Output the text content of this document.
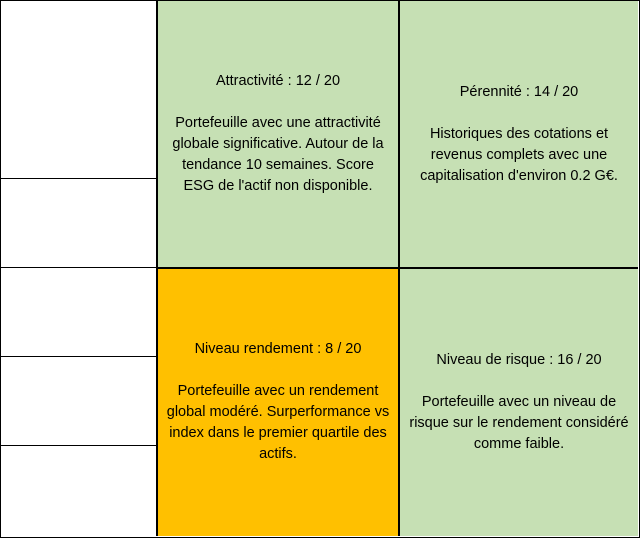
Attractivité : 12 / 20
Portefeuille avec une attractivité globale significative. Autour de la tendance 10 semaines. Score ESG de l'actif non disponible.
Pérennité : 14 / 20
Historiques des cotations et revenus complets avec une capitalisation d'environ 0.2 G€.
Niveau rendement : 8 / 20
Portefeuille avec un rendement global modéré. Surperformance vs index dans le premier quartile des actifs.
Niveau de risque : 16 / 20
Portefeuille avec un niveau de risque sur le rendement considéré comme faible.
